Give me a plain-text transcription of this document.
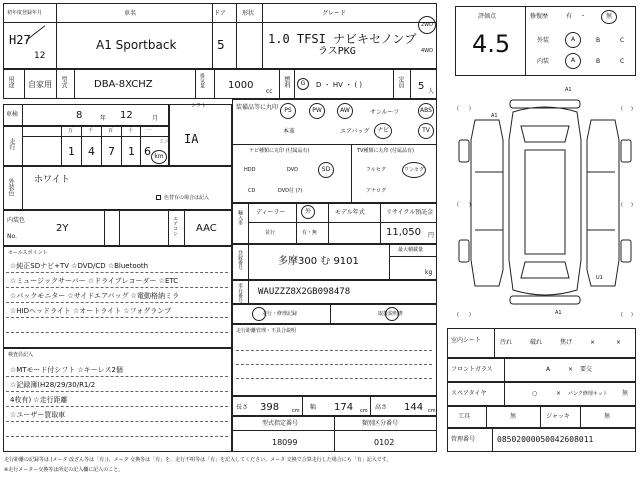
初年度登録年月
H27
12
車名
A1 Sportback
ドア
5
形状	グレード
1.0 TFSI ナビキセノンブ
ラスPKG
2WD
4WD
用途 自家用 型式	DBA-8XCHZ	排気量 1000
cc
燃料 G D ・ HV ・ ( )	定員 5 人
車検	8	年 12	月
走行
万	千	百	十	一
1 4 7 1 6
ミニ
km
シフト
IA
外装色 ホワイト
色替有の場合は記入
内装色
No.
2Y	エアコン AAC
セールスポイント
☆純正SDナビ+TV ☆DVD/CD ☆Bluetooth
☆ミュージックサーバー ☆ドライブレコーダー ☆ETC
☆バックモニター ☆サイドエアバッグ ☆電動格納ミラ
☆HIDヘッドライト ☆オートライト ☆フォグランプ
検査員記入
☆MTモード付シフト ☆キーレス2個
☆記録簿(H28/29/30/R1/2
4枚有) ☆走行距離
☆ユーザー買取車
装備品等に丸印 PS	PW	AW	サンルーフ	ABS
本革	エアバッグ ナビ	TV
ナビ種類に丸印 (付属品有)
HDD	DVD	SD
CD	DVD付 (?)
TV種類に丸印 (付属品有)
フルセグ	ワンセグ
アナログ
輸入車 ディーラー	外
並行	有・無
モデル年式	リサイクル預託金
11,050 円
登録番号	多摩300 む 9101
最大積載量
kg
車台番号 WAUZZZ8X2GB098478
走行・修理記録	取扱説明書
走行距離管理・不具合説明
長さ 398	cm 幅 174 cm 高さ 144 cm
型式指定番号
18099
類別区分番号
0102
評価点
4.5
修復歴	有 ・	無
外装	A	B	C
内装	A	B	C
( )	( )
( )	( )
( )	( )
A1
A1
U1
A1
室内シート	汚れ	破れ	焦げ	×	×
フロントガラス	A	× 要交
スペアタイヤ	○	× パンク修理キット 無
工具	無	ジャッキ	無
管理番号	08502000050042608011
走行距離の記録等は (メータ 改ざん等は「有」)、メータ 交換等は「有」を、走行不明等は「有」を記入してください。メータ 交換で合算走行した場合にも「有」記入です。
※走行メーター交換等は所定の記入欄に記入のこと。
